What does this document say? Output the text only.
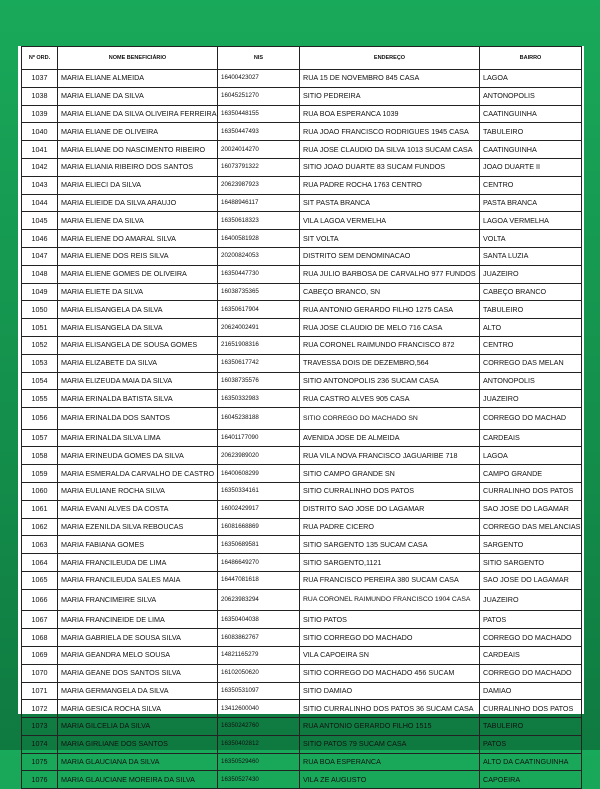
Nº ORD.	NOME BENEFICIÁRIO	NIS	ENDEREÇO	BAIRRO
1037	MARIA ELIANE ALMEIDA	16400423027	RUA 15 DE NOVEMBRO 845 CASA	LAGOA
1038	MARIA ELIANE DA SILVA	16045251270	SITIO PEDREIRA	ANTONOPOLIS
1039	MARIA ELIANE DA SILVA OLIVEIRA FERREIRA	16350448155	RUA BOA ESPERANCA 1039	CAATINGUINHA
1040	MARIA ELIANE DE OLIVEIRA	16350447493	RUA JOAO FRANCISCO RODRIGUES 1945 CASA	TABULEIRO
1041	MARIA ELIANE DO NASCIMENTO RIBEIRO	20024014270	RUA JOSE CLAUDIO DA SILVA 1013 SUCAM CASA	CAATINGUINHA
1042	MARIA ELIANIA RIBEIRO DOS SANTOS	16073791322	SITIO JOAO DUARTE 83 SUCAM FUNDOS	JOAO DUARTE II
1043	MARIA ELIECI DA SILVA	20623987923	RUA PADRE ROCHA 1763 CENTRO	CENTRO
1044	MARIA ELIEIDE DA SILVA ARAUJO	16488946117	SIT PASTA BRANCA	PASTA BRANCA
1045	MARIA ELIENE DA SILVA	16350618323	VILA LAGOA VERMELHA	LAGOA VERMELHA
1046	MARIA ELIENE DO AMARAL SILVA	16400581928	SIT VOLTA	VOLTA
1047	MARIA ELIENE DOS REIS SILVA	20200824053	DISTRITO SEM DENOMINACAO	SANTA LUZIA
1048	MARIA ELIENE GOMES DE OLIVEIRA	16350447730	RUA JULIO BARBOSA DE CARVALHO 977 FUNDOS	JUAZEIRO
1049	MARIA ELIETE DA SILVA	16038735365	CABEÇO BRANCO, SN	CABEÇO BRANCO
1050	MARIA ELISANGELA DA SILVA	16350617904	RUA ANTONIO GERARDO FILHO 1275 CASA	TABULEIRO
1051	MARIA ELISANGELA DA SILVA	20624002491	RUA JOSE CLAUDIO DE MELO 716 CASA	ALTO
1052	MARIA ELISANGELA DE SOUSA GOMES	21651908316	RUA CORONEL RAIMUNDO FRANCISCO 872	CENTRO
1053	MARIA ELIZABETE DA SILVA	16350617742	TRAVESSA DOIS DE DEZEMBRO,564	CORREGO DAS MELAN
1054	MARIA ELIZEUDA MAIA DA SILVA	16038735576	SITIO ANTONOPOLIS 236 SUCAM CASA	ANTONOPOLIS
1055	MARIA ERINALDA BATISTA SILVA	16350332983	RUA CASTRO ALVES 905 CASA	JUAZEIRO
1056	MARIA ERINALDA DOS SANTOS	16045238188	SITIO CORREGO DO MACHADO SN	CORREGO DO MACHAD
1057	MARIA ERINALDA SILVA LIMA	16401177090	AVENIDA JOSE DE ALMEIDA	CARDEAIS
1058	MARIA ERINEUDA GOMES DA SILVA	20623989020	RUA VILA NOVA FRANCISCO JAGUARIBE 718	LAGOA
1059	MARIA ESMERALDA CARVALHO DE CASTRO	16400608299	SITIO CAMPO GRANDE SN	CAMPO GRANDE
1060	MARIA EULIANE ROCHA SILVA	16350334161	SITIO CURRALINHO DOS PATOS	CURRALINHO DOS PATOS
1061	MARIA EVANI ALVES DA COSTA	16002429917	DISTRITO SAO JOSE DO LAGAMAR	SAO JOSE DO LAGAMAR
1062	MARIA EZENILDA SILVA REBOUCAS	16081668869	RUA PADRE CICERO	CORREGO DAS MELANCIAS
1063	MARIA FABIANA GOMES	16350689581	SITIO SARGENTO 135 SUCAM CASA	SARGENTO
1064	MARIA FRANCILEUDA DE LIMA	16486649270	SITIO SARGENTO,1121	SITIO SARGENTO
1065	MARIA FRANCILEUDA SALES MAIA	16447081618	RUA FRANCISCO PEREIRA 380 SUCAM CASA	SAO JOSE DO LAGAMAR
1066	MARIA FRANCIMEIRE SILVA	20623983294	RUA CORONEL RAIMUNDO FRANCISCO 1904 CASA	JUAZEIRO
1067	MARIA FRANCINEIDE DE LIMA	16350404038	SITIO PATOS	PATOS
1068	MARIA GABRIELA DE SOUSA SILVA	16083862767	SITIO CORREGO DO MACHADO	CORREGO DO MACHADO
1069	MARIA GEANDRA MELO SOUSA	14821165279	VILA CAPOEIRA SN	CARDEAIS
1070	MARIA GEANE DOS SANTOS SILVA	16102050620	SITIO CORREGO DO MACHADO 456 SUCAM	CORREGO DO MACHADO
1071	MARIA GERMANGELA DA SILVA	16350531097	SITIO DAMIAO	DAMIAO
1072	MARIA GESICA ROCHA SILVA	13412600040	SITIO CURRALINHO DOS PATOS 36 SUCAM CASA	CURRALINHO DOS PATOS
1073	MARIA GILCELIA DA SILVA	16350242760	RUA ANTONIO GERARDO FILHO 1515	TABULEIRO
1074	MARIA GIRLIANE DOS SANTOS	16350402812	SITIO PATOS 79 SUCAM CASA	PATOS
1075	MARIA GLAUCIANA DA SILVA	16350529460	RUA BOA ESPERANCA	ALTO DA CAATINGUINHA
1076	MARIA GLAUCIANE MOREIRA DA SILVA	16350527430	VILA ZE AUGUSTO	CAPOEIRA
